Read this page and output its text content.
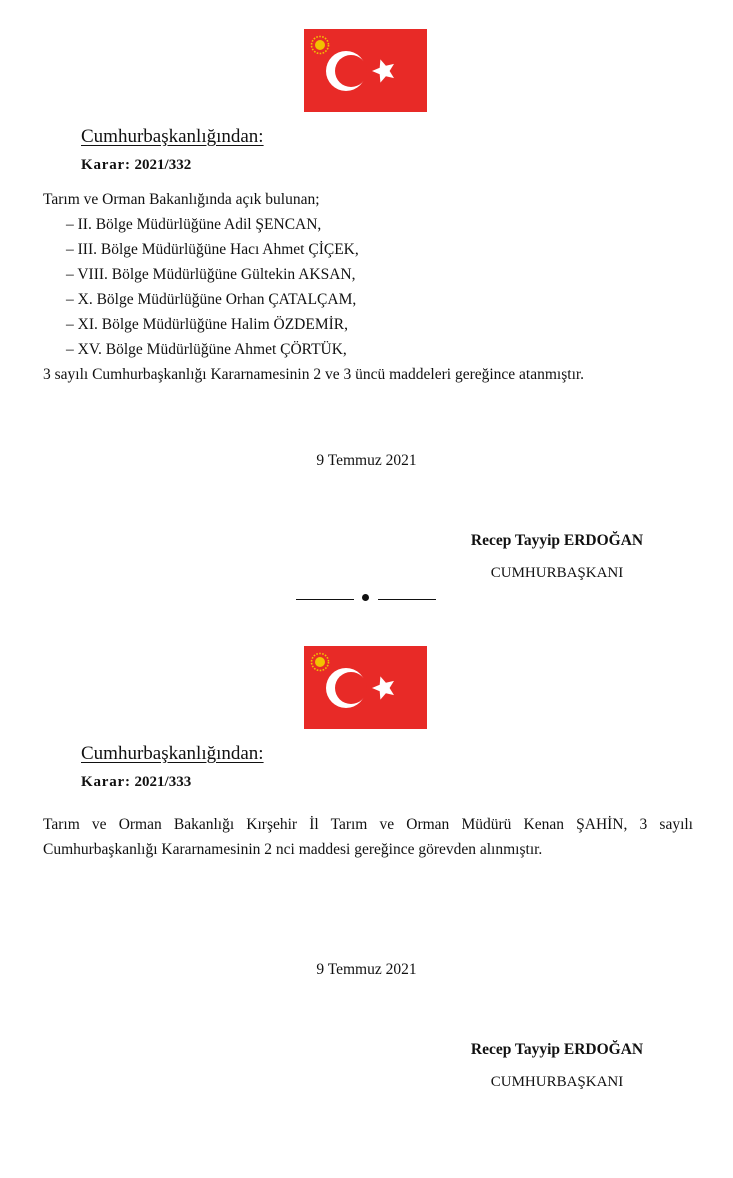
Cumhurbaşkanlığından:
Karar: 2021/332
Tarım ve Orman Bakanlığında açık bulunan;
– II. Bölge Müdürlüğüne Adil ŞENCAN,
– III. Bölge Müdürlüğüne Hacı Ahmet ÇİÇEK,
– VIII. Bölge Müdürlüğüne Gültekin AKSAN,
– X. Bölge Müdürlüğüne Orhan ÇATALÇAM,
– XI. Bölge Müdürlüğüne Halim ÖZDEMİR,
– XV. Bölge Müdürlüğüne Ahmet ÇÖRTÜK,
3 sayılı Cumhurbaşkanlığı Kararnamesinin 2 ve 3 üncü maddeleri gereğince atanmıştır.
9 Temmuz 2021
Recep Tayyip ERDOĞAN
CUMHURBAŞKANI
Cumhurbaşkanlığından:
Karar: 2021/333
Tarım ve Orman Bakanlığı Kırşehir İl Tarım ve Orman Müdürü Kenan ŞAHİN, 3 sayılı
Cumhurbaşkanlığı Kararnamesinin 2 nci maddesi gereğince görevden alınmıştır.
9 Temmuz 2021
Recep Tayyip ERDOĞAN
CUMHURBAŞKANI
